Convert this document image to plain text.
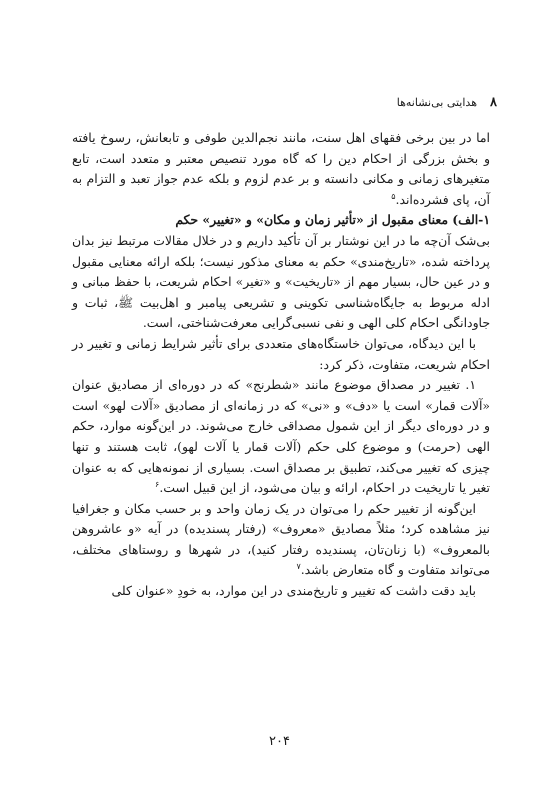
هدایتی بی‌نشانه‌ها ۸

اما در بین برخی فقهای اهل سنت، مانند نجم‌الدین طوفی و تابعانش، رسوخ یافته و بخش بزرگی از احکام دین را که گاه مورد تنصیص معتبر و متعدد است، تابع متغیرهای زمانی و مکانی دانسته و بر عدم لزوم و بلکه عدم جواز تعبد و التزام به آن، پای فشرده‌اند.$^۵$

۱-الف) معنای مقبول از «تأثیر زمان و مکان» و «تغییر» حکم

بی‌شک آن‌چه ما در این نوشتار بر آن تأکید داریم و در خلال مقالات مرتبط نیز بدان پرداخته شده، «تاریخ‌مندی» حکم به معنای مذکور نیست؛ بلکه ارائه معنایی مقبول و در عین حال، بسیار مهم از «تاریخیت» و «تغیر» احکام شریعت، با حفظ مبانی و ادله مربوط به جایگاه‌شناسی تکوینی و تشریعی پیامبر و اهل‌بیت ﷺ، ثبات و جاودانگی احکام کلی الهی و نفی نسبی‌گرایی معرفت‌شناختی، است.

با این دیدگاه، می‌توان خاستگاه‌های متعددی برای تأثیر شرایط زمانی و تغییر در احکام شریعت، متفاوت، ذکر کرد:

۱. تغییر در مصداق موضوع مانند «شطرنج» که در دوره‌ای از مصادیق عنوان «آلات قمار» است یا «دف» و «نی» که در زمانه‌ای از مصادیق «آلات لهو» است و در دوره‌ای دیگر از این شمول مصداقی خارج می‌شوند. در این‌گونه موارد، حکم الهی (حرمت) و موضوع کلی حکم (آلات قمار یا آلات لهو)، ثابت هستند و تنها چیزی که تغییر می‌کند، تطبیق بر مصداق است. بسیاری از نمونه‌هایی که به عنوان تغیر یا تاریخیت در احکام، ارائه و بیان می‌شود، از این قبیل است.$^۶$

این‌گونه از تغییر حکم را می‌توان در یک زمان واحد و بر حسب مکان و جغرافیا نیز مشاهده کرد؛ مثلاً مصادیق «معروف» (رفتار پسندیده) در آیه «و عاشروهن بالمعروف» (با زنان‌تان، پسندیده رفتار کنید)، در شهرها و روستاهای مختلف، می‌تواند متفاوت و گاه متعارض باشد.$^۷$

باید دقت داشت که تغییر و تاریخ‌مندی در این موارد، به خودِ «عنوان کلی

۲۰۴
